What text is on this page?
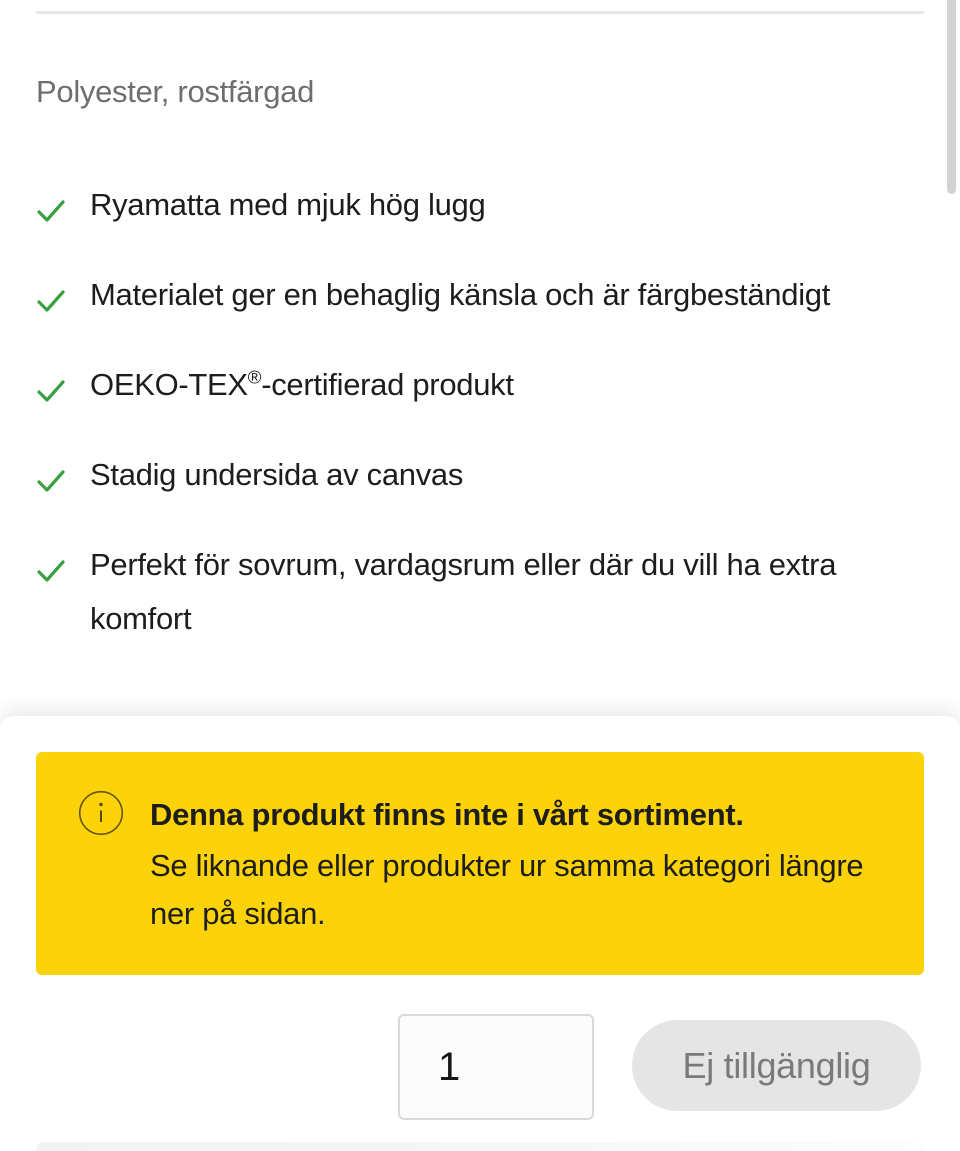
Polyester, rostfärgad
Ryamatta med mjuk hög lugg
Materialet ger en behaglig känsla och är färgbeständigt
OEKO-TEX®-certifierad produkt
Stadig undersida av canvas
Perfekt för sovrum, vardagsrum eller där du vill ha extra komfort
Denna produkt finns inte i vårt sortiment.
Se liknande eller produkter ur samma kategori längre ner på sidan.
1
Ej tillgänglig
